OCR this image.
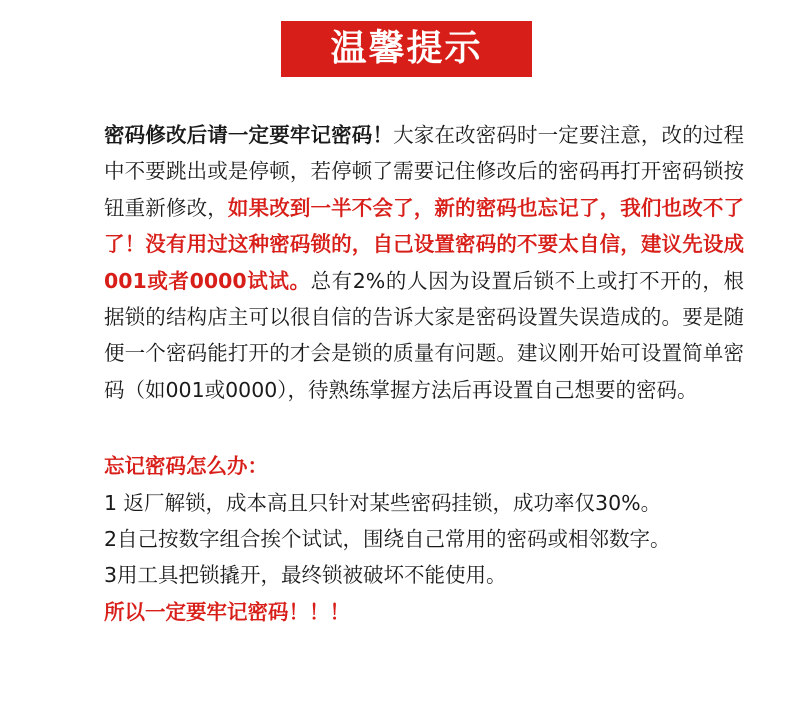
温馨提示

密码修改后请一定要牢记密码！大家在改密码时一定要注意，改的过程中不要跳出或是停顿，若停顿了需要记住修改后的密码再打开密码锁按钮重新修改，如果改到一半不会了，新的密码也忘记了，我们也改不了了！没有用过这种密码锁的，自己设置密码的不要太自信，建议先设成001或者0000试试。总有2%的人因为设置后锁不上或打不开的，根据锁的结构店主可以很自信的告诉大家是密码设置失误造成的。要是随便一个密码能打开的才会是锁的质量有问题。建议刚开始可设置简单密码（如001或0000），待熟练掌握方法后再设置自己想要的密码。

忘记密码怎么办：

1 返厂解锁，成本高且只针对某些密码挂锁，成功率仅30%。

2自己按数字组合挨个试试，围绕自己常用的密码或相邻数字。

3用工具把锁撬开，最终锁被破坏不能使用。

所以一定要牢记密码！！！
